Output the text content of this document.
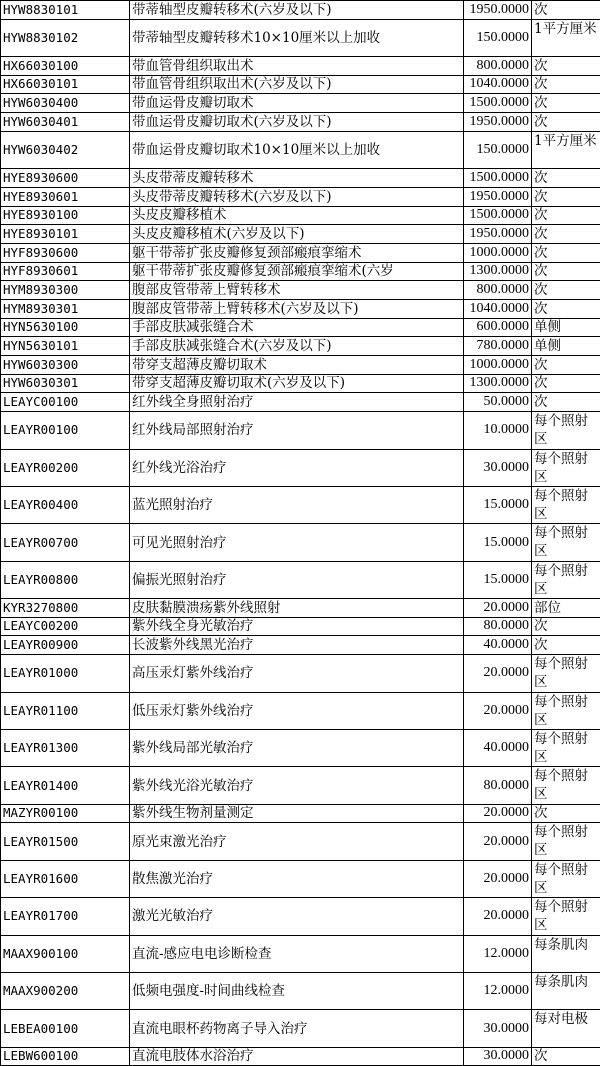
HYW8830101	带蒂轴型皮瓣转移术(六岁及以下)	1950.0000	次
HYW8830102	带蒂轴型皮瓣转移术10×10厘米以上加收	150.0000	1平方厘米
HX66030100	带血管骨组织取出术	800.0000	次
HX66030101	带血管骨组织取出术(六岁及以下)	1040.0000	次
HYW6030400	带血运骨皮瓣切取术	1500.0000	次
HYW6030401	带血运骨皮瓣切取术(六岁及以下)	1950.0000	次
HYW6030402	带血运骨皮瓣切取术10×10厘米以上加收	150.0000	1平方厘米
HYE8930600	头皮带蒂皮瓣转移术	1500.0000	次
HYE8930601	头皮带蒂皮瓣转移术(六岁及以下)	1950.0000	次
HYE8930100	头皮皮瓣移植术	1500.0000	次
HYE8930101	头皮皮瓣移植术(六岁及以下)	1950.0000	次
HYF8930600	躯干带蒂扩张皮瓣修复颈部瘢痕挛缩术	1000.0000	次
HYF8930601	躯干带蒂扩张皮瓣修复颈部瘢痕挛缩术(六岁	1300.0000	次
HYM8930300	腹部皮管带蒂上臂转移术	800.0000	次
HYM8930301	腹部皮管带蒂上臂转移术(六岁及以下)	1040.0000	次
HYN5630100	手部皮肤减张缝合术	600.0000	单侧
HYN5630101	手部皮肤减张缝合术(六岁及以下)	780.0000	单侧
HYW6030300	带穿支超薄皮瓣切取术	1000.0000	次
HYW6030301	带穿支超薄皮瓣切取术(六岁及以下)	1300.0000	次
LEAYC00100	红外线全身照射治疗	50.0000	次
LEAYR00100	红外线局部照射治疗	10.0000	每个照射区
LEAYR00200	红外线光浴治疗	30.0000	每个照射区
LEAYR00400	蓝光照射治疗	15.0000	每个照射区
LEAYR00700	可见光照射治疗	15.0000	每个照射区
LEAYR00800	偏振光照射治疗	15.0000	每个照射区
KYR3270800	皮肤黏膜溃疡紫外线照射	20.0000	部位
LEAYC00200	紫外线全身光敏治疗	80.0000	次
LEAYR00900	长波紫外线黑光治疗	40.0000	次
LEAYR01000	高压汞灯紫外线治疗	20.0000	每个照射区
LEAYR01100	低压汞灯紫外线治疗	20.0000	每个照射区
LEAYR01300	紫外线局部光敏治疗	40.0000	每个照射区
LEAYR01400	紫外线光浴光敏治疗	80.0000	每个照射区
MAZYR00100	紫外线生物剂量测定	20.0000	次
LEAYR01500	原光束激光治疗	20.0000	每个照射区
LEAYR01600	散焦激光治疗	20.0000	每个照射区
LEAYR01700	激光光敏治疗	20.0000	每个照射区
MAAX900100	直流-感应电电诊断检查	12.0000	每条肌肉
MAAX900200	低频电强度-时间曲线检查	12.0000	每条肌肉
LEBEA00100	直流电眼杯药物离子导入治疗	30.0000	每对电极
LEBW600100	直流电肢体水浴治疗	30.0000	次
